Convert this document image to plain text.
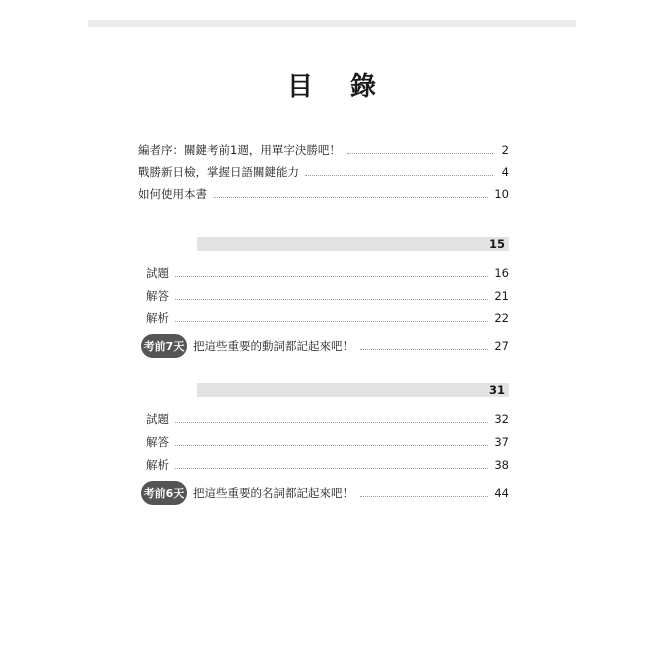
目 錄
編者序：關鍵考前1週，用單字決勝吧！	2
戰勝新日檢，掌握日語關鍵能力	4
如何使用本書	10
15
試題	16
解答	21
解析	22
考前7天 把這些重要的動詞都記起來吧！	27
31
試題	32
解答	37
解析	38
考前6天 把這些重要的名詞都記起來吧！	44
